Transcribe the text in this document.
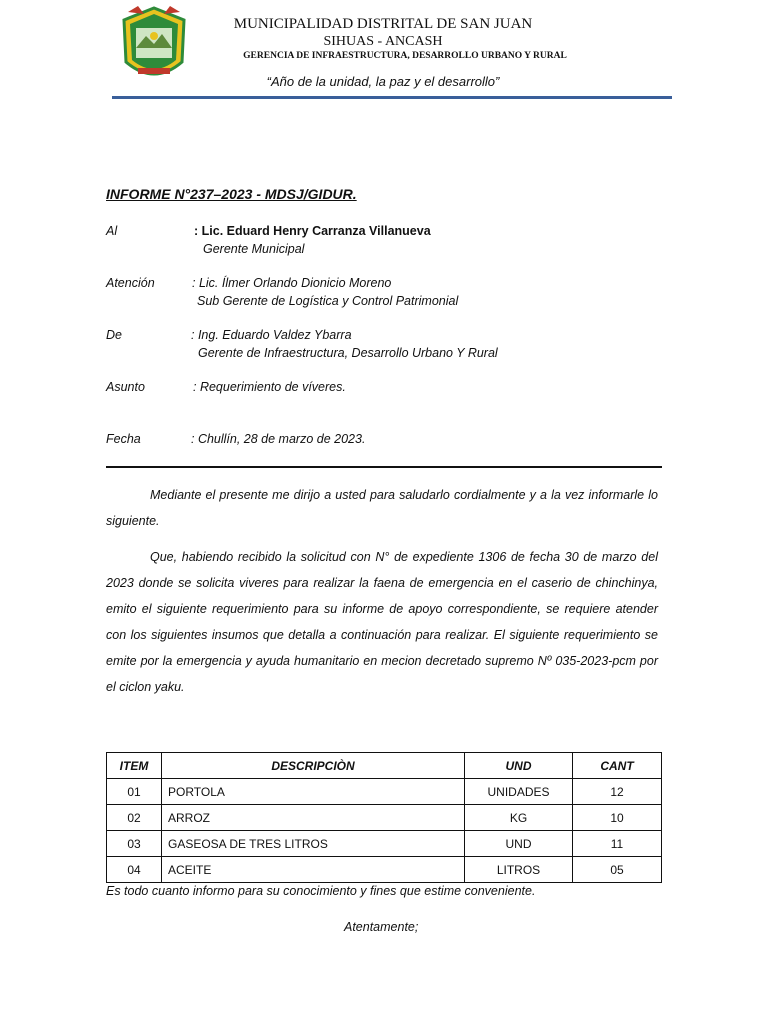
MUNICIPALIDAD DISTRITAL DE SAN JUAN
SIHUAS - ANCASH
GERENCIA DE INFRAESTRUCTURA, DESARROLLO URBANO Y RURAL
“Año de la unidad, la paz y el desarrollo”
INFORME N°237–2023 - MDSJ/GIDUR.
Al	: Lic. Eduard Henry Carranza Villanueva
Gerente Municipal
Atención	: Lic. Ílmer Orlando Dionicio Moreno
Sub Gerente de Logística y Control Patrimonial
De	: Ing. Eduardo Valdez Ybarra
Gerente de Infraestructura, Desarrollo Urbano Y Rural
Asunto	: Requerimiento de víveres.
Fecha	: Chullín, 28 de marzo de 2023.
Mediante el presente me dirijo a usted para saludarlo cordialmente y a la vez informarle lo siguiente.
Que, habiendo recibido la solicitud con N° de expediente 1306 de fecha 30 de marzo del 2023 donde se solicita viveres para realizar la faena de emergencia en el caserio de chinchinya, emito el siguiente requerimiento para su informe de apoyo correspondiente, se requiere atender con los siguientes insumos que detalla a continuación para realizar. El siguiente requerimiento se emite por la emergencia y ayuda humanitario en mecion decretado supremo Nº 035-2023-pcm por el ciclon yaku.
ITEM	DESCRIPCIÒN	UND	CANT
01	PORTOLA	UNIDADES	12
02	ARROZ	KG	10
03	GASEOSA DE TRES LITROS	UND	11
04	ACEITE	LITROS	05
Es todo cuanto informo para su conocimiento y fines que estime conveniente.
Atentamente;
